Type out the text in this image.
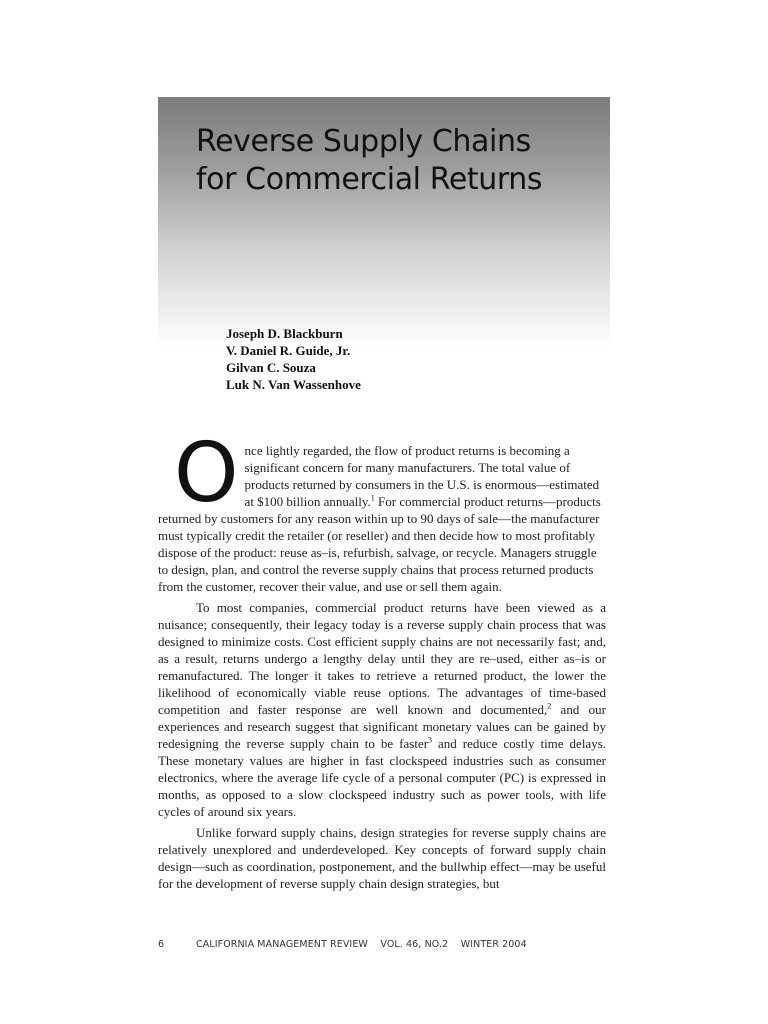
Reverse Supply Chains
for Commercial Returns
Joseph D. Blackburn
V. Daniel R. Guide, Jr.
Gilvan C. Souza
Luk N. Van Wassenhove

Once lightly regarded, the flow of product returns is becoming a significant concern for many manufacturers. The total value of products returned by consumers in the U.S. is enormous—estimated at $100 billion annually.$^1$ For commercial product returns—products returned by customers for any reason within up to 90 days of sale—the manufacturer must typically credit the retailer (or reseller) and then decide how to most profitably dispose of the product: reuse as–is, refurbish, salvage, or recycle. Managers struggle to design, plan, and control the reverse supply chains that process returned products from the customer, recover their value, and use or sell them again.

To most companies, commercial product returns have been viewed as a nuisance; consequently, their legacy today is a reverse supply chain process that was designed to minimize costs. Cost efficient supply chains are not necessarily fast; and, as a result, returns undergo a lengthy delay until they are re–used, either as–is or remanufactured. The longer it takes to retrieve a returned product, the lower the likelihood of economically viable reuse options. The advantages of time-based competition and faster response are well known and documented,$^2$ and our experiences and research suggest that significant monetary values can be gained by redesigning the reverse supply chain to be faster$^3$ and reduce costly time delays. These monetary values are higher in fast clockspeed industries such as consumer electronics, where the average life cycle of a personal computer (PC) is expressed in months, as opposed to a slow clockspeed industry such as power tools, with life cycles of around six years.

Unlike forward supply chains, design strategies for reverse supply chains are relatively unexplored and underdeveloped. Key concepts of forward supply chain design—such as coordination, postponement, and the bullwhip effect—may be useful for the development of reverse supply chain design strategies, but

6	CALIFORNIA MANAGEMENT REVIEW    VOL. 46, NO.2    WINTER 2004
